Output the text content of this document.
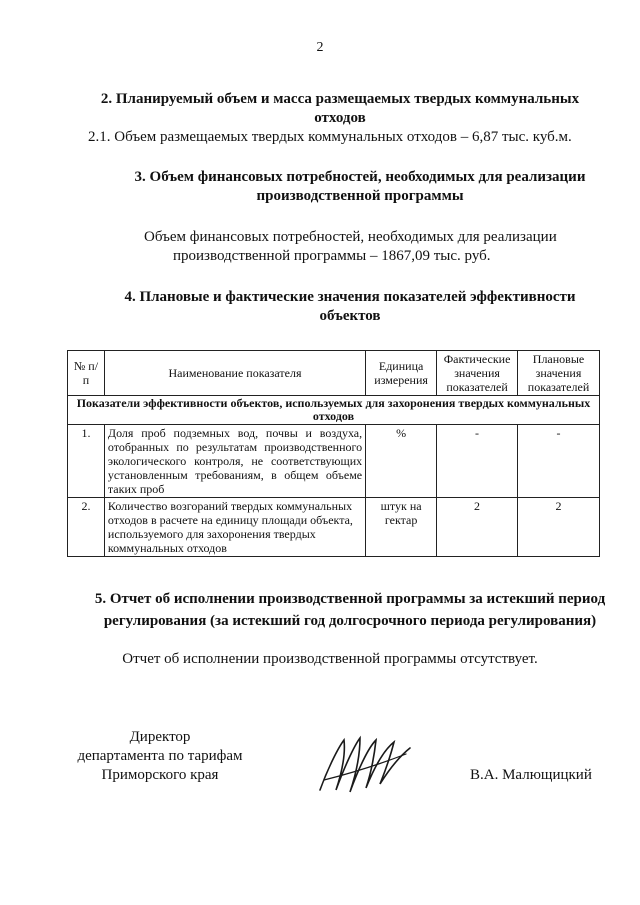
2
2. Планируемый объем и масса размещаемых твердых коммунальных
отходов
2.1. Объем размещаемых твердых коммунальных отходов – 6,87 тыс. куб.м.
3. Объем финансовых потребностей, необходимых для реализации
производственной программы
Объем финансовых потребностей, необходимых для реализации
производственной программы – 1867,09 тыс. руб.
4. Плановые и фактические значения показателей эффективности
объектов
№ п/п	Наименование показателя	Единица измерения	Фактические значения показателей	Плановые значения показателей
Показатели эффективности объектов, используемых для захоронения твердых коммунальных отходов				
1.	Доля проб подземных вод, почвы и воздуха, отобранных по результатам производственного экологического контроля, не соответствующих установленным требованиям, в общем объеме таких проб	%	-	-
2.	Количество возгораний твердых коммунальных отходов в расчете на единицу площади объекта, используемого для захоронения твердых коммунальных отходов	штук на гектар	2	2
5. Отчет об исполнении производственной программы за истекший период
регулирования (за истекший год долгосрочного периода регулирования)
Отчет об исполнении производственной программы отсутствует.
Директор
департамента по тарифам
Приморского края	В.А. Малющицкий
